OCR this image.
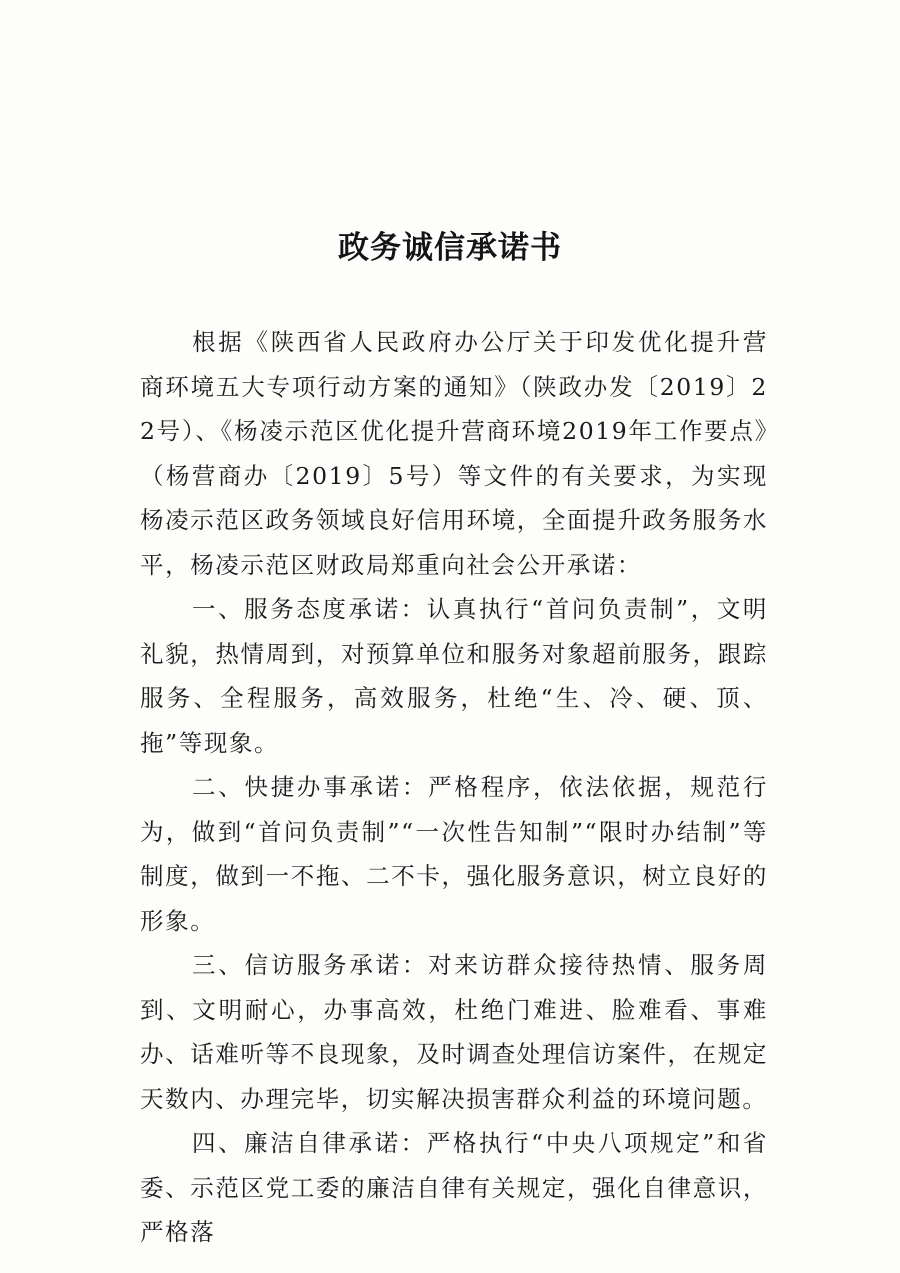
政务诚信承诺书

根据《陕西省人民政府办公厅关于印发优化提升营商环境五大专项行动方案的通知》（陕政办发〔2019〕22号）、《杨凌示范区优化提升营商环境2019年工作要点》（杨营商办〔2019〕5号）等文件的有关要求，为实现杨凌示范区政务领域良好信用环境，全面提升政务服务水平，杨凌示范区财政局郑重向社会公开承诺：

一、服务态度承诺：认真执行“首问负责制”，文明礼貌，热情周到，对预算单位和服务对象超前服务，跟踪服务、全程服务，高效服务，杜绝“生、冷、硬、顶、拖”等现象。

二、快捷办事承诺：严格程序，依法依据，规范行为，做到“首问负责制”“一次性告知制”“限时办结制”等制度，做到一不拖、二不卡，强化服务意识，树立良好的形象。

三、信访服务承诺：对来访群众接待热情、服务周到、文明耐心，办事高效，杜绝门难进、脸难看、事难办、话难听等不良现象，及时调查处理信访案件，在规定天数内、办理完毕，切实解决损害群众利益的环境问题。

四、廉洁自律承诺：严格执行“中央八项规定”和省委、示范区党工委的廉洁自律有关规定，强化自律意识，严格落
